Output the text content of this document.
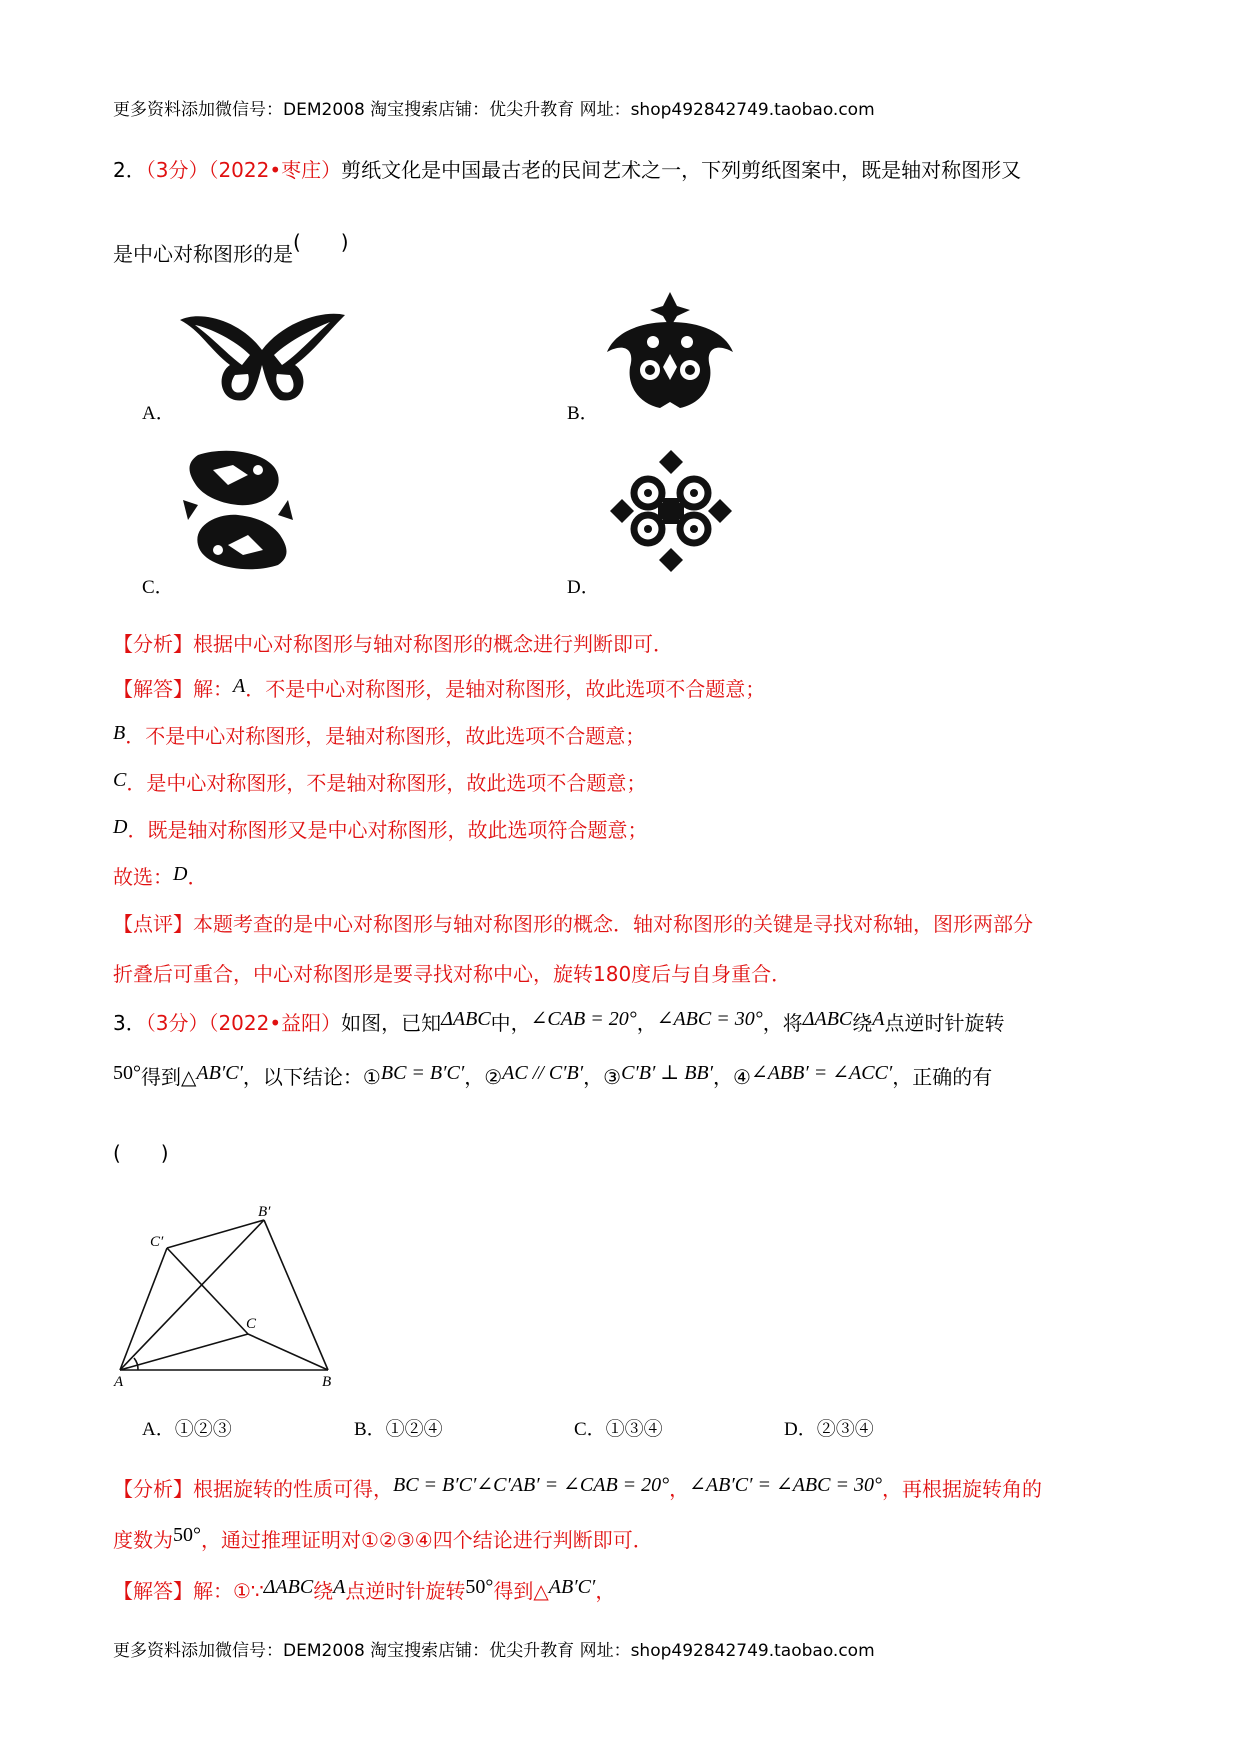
更多资料添加微信号：DEM2008 淘宝搜索店铺：优尖升教育 网址：shop492842749.taobao.com
2．（3分）（2022•枣庄）剪纸文化是中国最古老的民间艺术之一，下列剪纸图案中，既是轴对称图形又
是中心对称图形的是(　　)
A．	B．
C．	D．
【分析】根据中心对称图形与轴对称图形的概念进行判断即可．
【解答】解：A．不是中心对称图形，是轴对称图形，故此选项不合题意；
B．不是中心对称图形，是轴对称图形，故此选项不合题意；
C．是中心对称图形，不是轴对称图形，故此选项不合题意；
D．既是轴对称图形又是中心对称图形，故此选项符合题意；
故选：D．
【点评】本题考查的是中心对称图形与轴对称图形的概念．轴对称图形的关键是寻找对称轴，图形两部分
折叠后可重合，中心对称图形是要寻找对称中心，旋转180度后与自身重合．
3．（3分）（2022•益阳）如图，已知ΔABC中，∠CAB = 20°，∠ABC = 30°，将ΔABC绕A点逆时针旋转
50°得到△AB′C′，以下结论：①BC = B′C′，②AC // C′B′，③C′B′ ⊥ BB′，④∠ABB′ = ∠ACC′，正确的有
(　　)
C′
B′
C
A	B
A．①②③	B．①②④	C．①③④	D．②③④
【分析】根据旋转的性质可得，BC = B′C′∠C′AB′ = ∠CAB = 20°，∠AB′C′ = ∠ABC = 30°，再根据旋转角的
度数为50°，通过推理证明对①②③④四个结论进行判断即可．
【解答】解：①∵ΔABC绕A点逆时针旋转50°得到△AB′C′，
更多资料添加微信号：DEM2008 淘宝搜索店铺：优尖升教育 网址：shop492842749.taobao.com
